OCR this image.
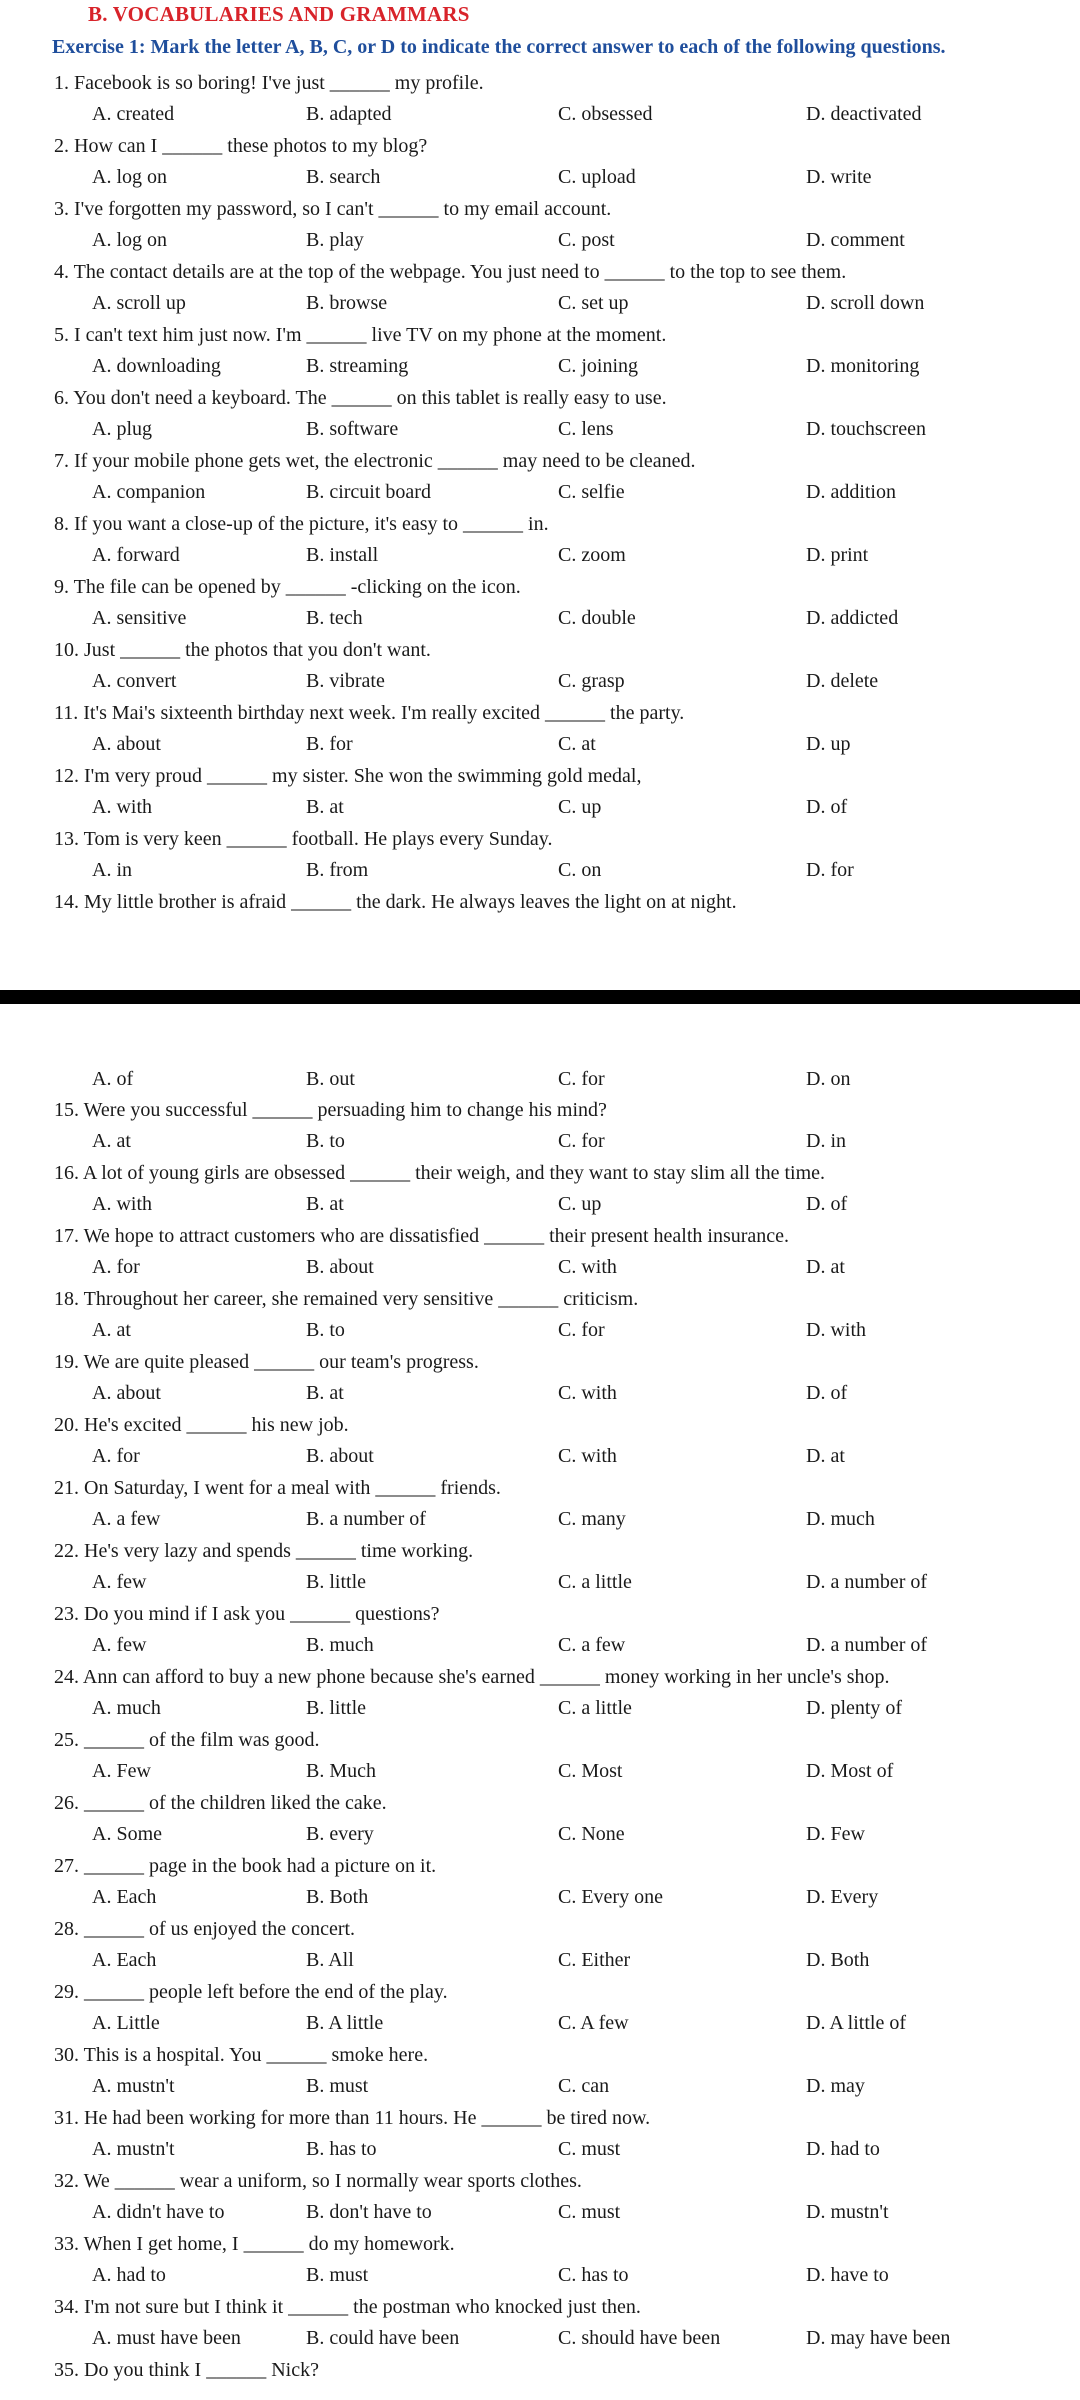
B. VOCABULARIES AND GRAMMARS
Exercise 1: Mark the letter A, B, C, or D to indicate the correct answer to each of the following questions.
1. Facebook is so boring! I've just ______ my profile.
A. created	B. adapted	C. obsessed	D. deactivated
2. How can I ______ these photos to my blog?
A. log on	B. search	C. upload	D. write
3. I've forgotten my password, so I can't ______ to my email account.
A. log on	B. play	C. post	D. comment
4. The contact details are at the top of the webpage. You just need to ______ to the top to see them.
A. scroll up	B. browse	C. set up	D. scroll down
5. I can't text him just now. I'm ______ live TV on my phone at the moment.
A. downloading	B. streaming	C. joining	D. monitoring
6. You don't need a keyboard. The ______ on this tablet is really easy to use.
A. plug	B. software	C. lens	D. touchscreen
7. If your mobile phone gets wet, the electronic ______ may need to be cleaned.
A. companion	B. circuit board	C. selfie	D. addition
8. If you want a close-up of the picture, it's easy to ______ in.
A. forward	B. install	C. zoom	D. print
9. The file can be opened by ______ -clicking on the icon.
A. sensitive	B. tech	C. double	D. addicted
10. Just ______ the photos that you don't want.
A. convert	B. vibrate	C. grasp	D. delete
11. It's Mai's sixteenth birthday next week. I'm really excited ______ the party.
A. about	B. for	C. at	D. up
12. I'm very proud ______ my sister. She won the swimming gold medal,
A. with	B. at	C. up	D. of
13. Tom is very keen ______ football. He plays every Sunday.
A. in	B. from	C. on	D. for
14. My little brother is afraid ______ the dark. He always leaves the light on at night.
A. of	B. out	C. for	D. on
15. Were you successful ______ persuading him to change his mind?
A. at	B. to	C. for	D. in
16. A lot of young girls are obsessed ______ their weigh, and they want to stay slim all the time.
A. with	B. at	C. up	D. of
17. We hope to attract customers who are dissatisfied ______ their present health insurance.
A. for	B. about	C. with	D. at
18. Throughout her career, she remained very sensitive ______ criticism.
A. at	B. to	C. for	D. with
19. We are quite pleased ______ our team's progress.
A. about	B. at	C. with	D. of
20. He's excited ______ his new job.
A. for	B. about	C. with	D. at
21. On Saturday, I went for a meal with ______ friends.
A. a few	B. a number of	C. many	D. much
22. He's very lazy and spends ______ time working.
A. few	B. little	C. a little	D. a number of
23. Do you mind if I ask you ______ questions?
A. few	B. much	C. a few	D. a number of
24. Ann can afford to buy a new phone because she's earned ______ money working in her uncle's shop.
A. much	B. little	C. a little	D. plenty of
25. ______ of the film was good.
A. Few	B. Much	C. Most	D. Most of
26. ______ of the children liked the cake.
A. Some	B. every	C. None	D. Few
27. ______ page in the book had a picture on it.
A. Each	B. Both	C. Every one	D. Every
28. ______ of us enjoyed the concert.
A. Each	B. All	C. Either	D. Both
29. ______ people left before the end of the play.
A. Little	B. A little	C. A few	D. A little of
30. This is a hospital. You ______ smoke here.
A. mustn't	B. must	C. can	D. may
31. He had been working for more than 11 hours. He ______ be tired now.
A. mustn't	B. has to	C. must	D. had to
32. We ______ wear a uniform, so I normally wear sports clothes.
A. didn't have to	B. don't have to	C. must	D. mustn't
33. When I get home, I ______ do my homework.
A. had to	B. must	C. has to	D. have to
34. I'm not sure but I think it ______ the postman who knocked just then.
A. must have been	B. could have been	C. should have been	D. may have been
35. Do you think I ______ Nick?
